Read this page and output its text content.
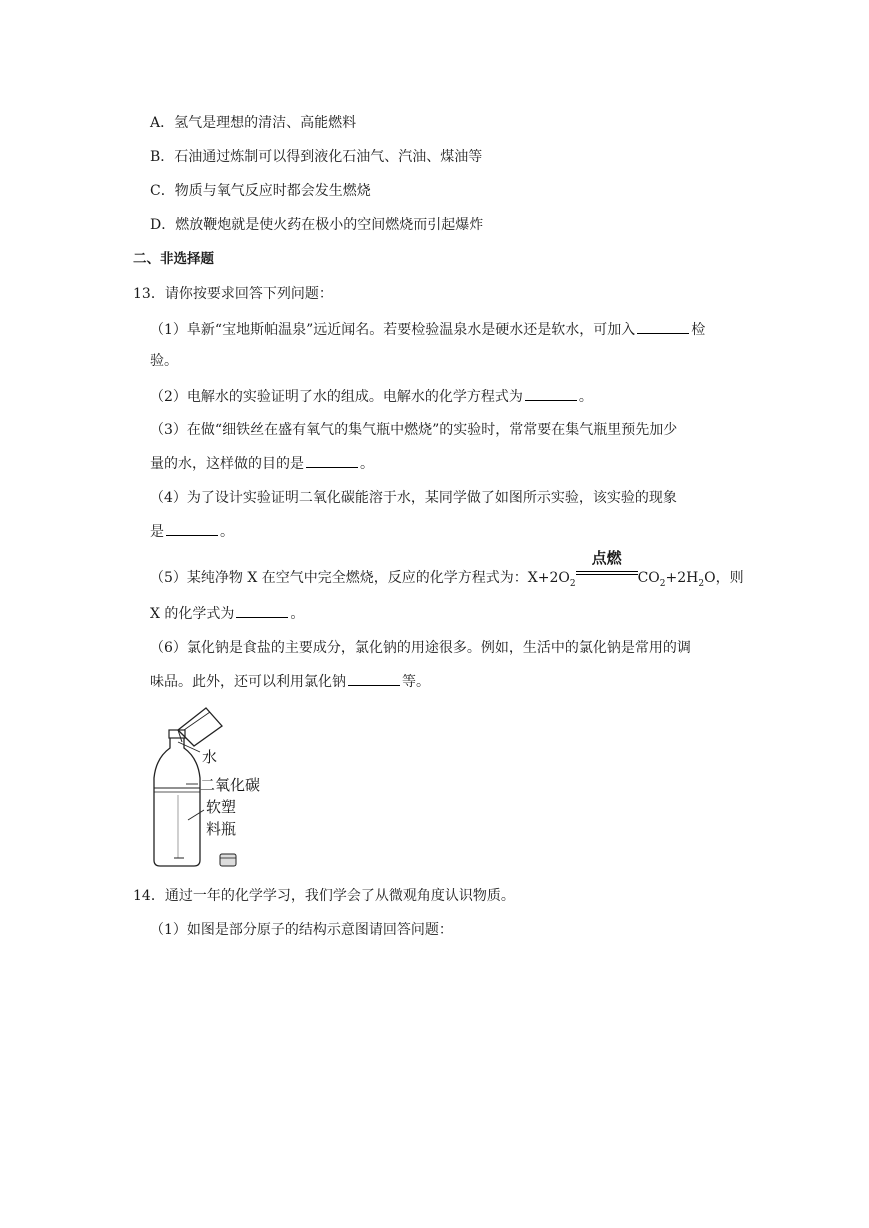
A．氢气是理想的清洁、高能燃料
B．石油通过炼制可以得到液化石油气、汽油、煤油等
C．物质与氧气反应时都会发生燃烧
D．燃放鞭炮就是使火药在极小的空间燃烧而引起爆炸
二、非选择题
13．请你按要求回答下列问题：
（1）阜新“宝地斯帕温泉”远近闻名。若要检验温泉水是硬水还是软水，可加入	检
验。
（2）电解水的实验证明了水的组成。电解水的化学方程式为	。
（3）在做“细铁丝在盛有氧气的集气瓶中燃烧”的实验时，常常要在集气瓶里预先加少
量的水，这样做的目的是	。
（4）为了设计实验证明二氧化碳能溶于水，某同学做了如图所示实验，该实验的现象
是	。
（5）某纯净物 X 在空气中完全燃烧，反应的化学方程式为：$X+2O_2$
点燃
$CO_2+2H_2O$，则
X 的化学式为	。
（6）氯化钠是食盐的主要成分，氯化钠的用途很多。例如，生活中的氯化钠是常用的调
味品。此外，还可以利用氯化钠	等。
水
二氧化碳
软塑
料瓶
14．通过一年的化学学习，我们学会了从微观角度认识物质。
（1）如图是部分原子的结构示意图请回答问题：
